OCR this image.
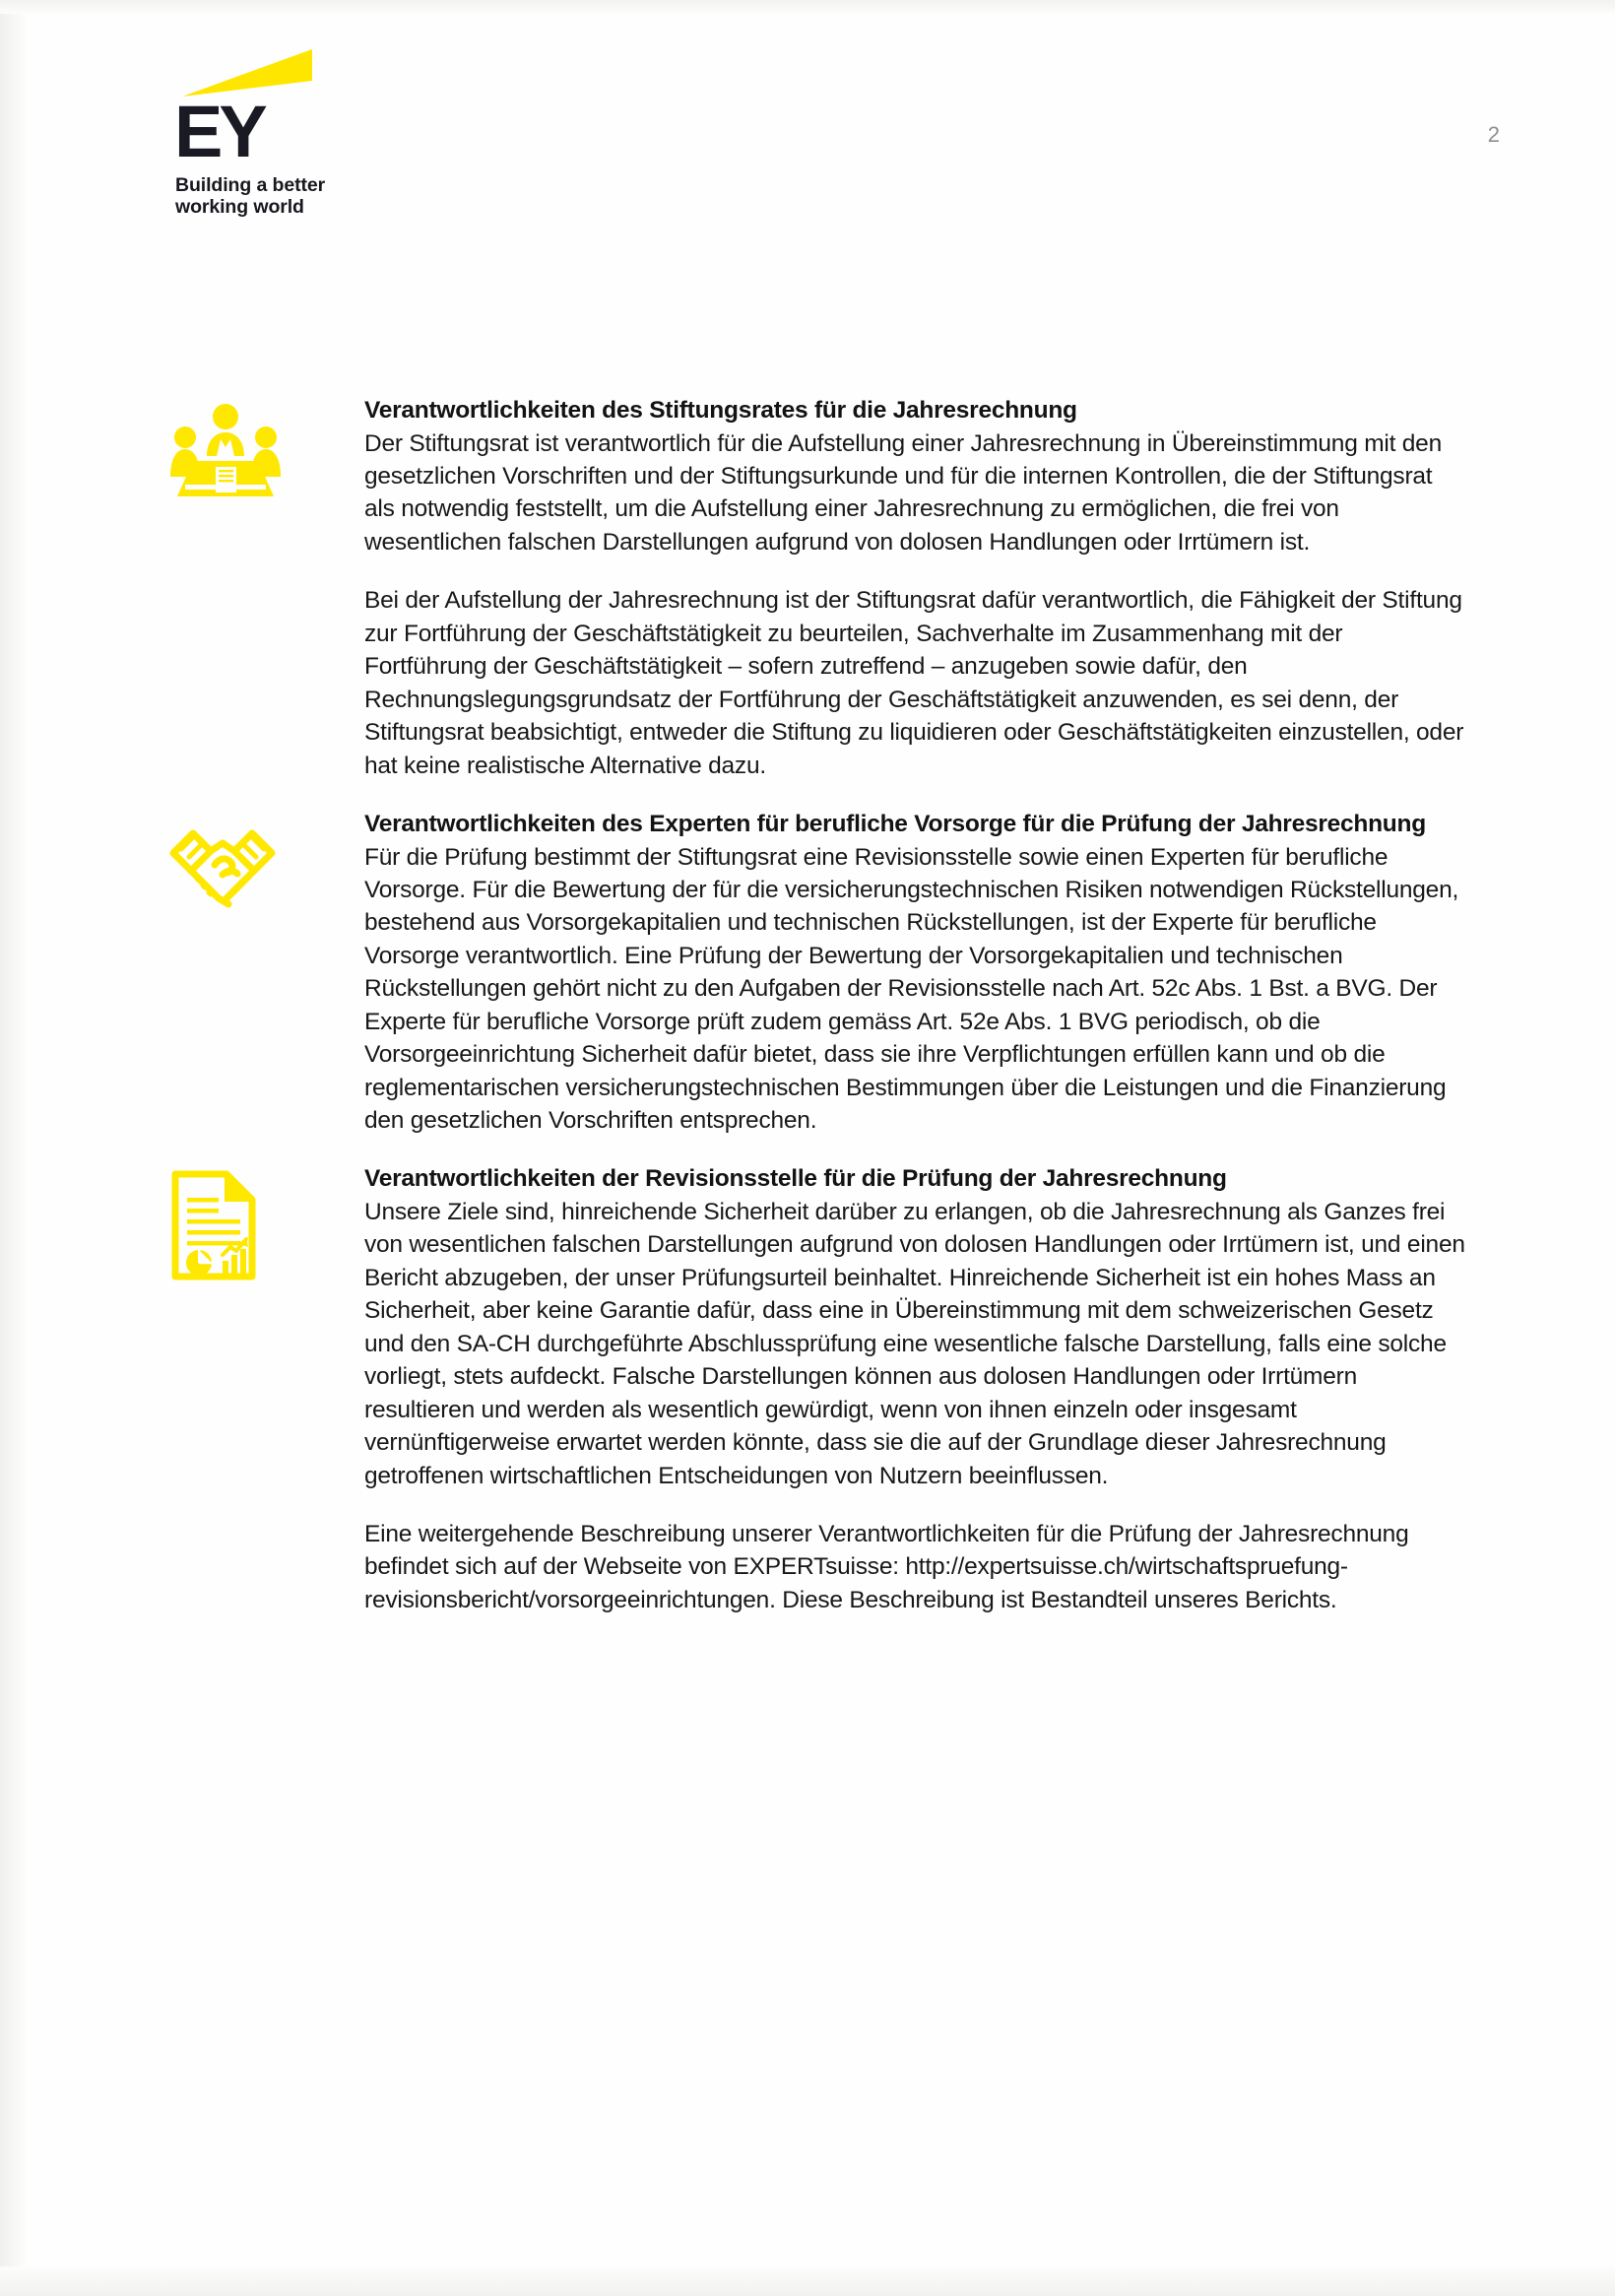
EY
Building a better
working world
2
Verantwortlichkeiten des Stiftungsrates für die Jahresrechnung

Der Stiftungsrat ist verantwortlich für die Aufstellung einer Jahresrechnung in Übereinstimmung mit den gesetzlichen Vorschriften und der Stiftungsurkunde und für die internen Kontrollen, die der Stiftungsrat als notwendig feststellt, um die Aufstellung einer Jahresrechnung zu ermöglichen, die frei von wesentlichen falschen Darstellungen aufgrund von dolosen Handlungen oder Irrtümern ist.

Bei der Aufstellung der Jahresrechnung ist der Stiftungsrat dafür verantwortlich, die Fähigkeit der Stiftung zur Fortführung der Geschäftstätigkeit zu beurteilen, Sachverhalte im Zusammenhang mit der Fortführung der Geschäftstätigkeit – sofern zutreffend – anzugeben sowie dafür, den Rechnungslegungsgrundsatz der Fortführung der Geschäftstätigkeit anzuwenden, es sei denn, der Stiftungsrat beabsichtigt, entweder die Stiftung zu liquidieren oder Geschäftstätigkeiten einzustellen, oder hat keine realistische Alternative dazu.

Verantwortlichkeiten des Experten für berufliche Vorsorge für die Prüfung der Jahresrechnung

Für die Prüfung bestimmt der Stiftungsrat eine Revisionsstelle sowie einen Experten für berufliche Vorsorge. Für die Bewertung der für die versicherungstechnischen Risiken notwendigen Rückstellungen, bestehend aus Vorsorgekapitalien und technischen Rückstellungen, ist der Experte für berufliche Vorsorge verantwortlich. Eine Prüfung der Bewertung der Vorsorgekapitalien und technischen Rückstellungen gehört nicht zu den Aufgaben der Revisionsstelle nach Art. 52c Abs. 1 Bst. a BVG. Der Experte für berufliche Vorsorge prüft zudem gemäss Art. 52e Abs. 1 BVG periodisch, ob die Vorsorgeeinrichtung Sicherheit dafür bietet, dass sie ihre Verpflichtungen erfüllen kann und ob die reglementarischen versicherungstechnischen Bestimmungen über die Leistungen und die Finanzierung den gesetzlichen Vorschriften entsprechen.

Verantwortlichkeiten der Revisionsstelle für die Prüfung der Jahresrechnung

Unsere Ziele sind, hinreichende Sicherheit darüber zu erlangen, ob die Jahresrechnung als Ganzes frei von wesentlichen falschen Darstellungen aufgrund von dolosen Handlungen oder Irrtümern ist, und einen Bericht abzugeben, der unser Prüfungsurteil beinhaltet. Hinreichende Sicherheit ist ein hohes Mass an Sicherheit, aber keine Garantie dafür, dass eine in Übereinstimmung mit dem schweizerischen Gesetz und den SA-CH durchgeführte Abschlussprüfung eine wesentliche falsche Darstellung, falls eine solche vorliegt, stets aufdeckt. Falsche Darstellungen können aus dolosen Handlungen oder Irrtümern resultieren und werden als wesentlich gewürdigt, wenn von ihnen einzeln oder insgesamt vernünftigerweise erwartet werden könnte, dass sie die auf der Grundlage dieser Jahresrechnung getroffenen wirtschaftlichen Entscheidungen von Nutzern beeinflussen.

Eine weitergehende Beschreibung unserer Verantwortlichkeiten für die Prüfung der Jahresrechnung befindet sich auf der Webseite von EXPERTsuisse: http://expertsuisse.ch/wirtschaftspruefung-revisionsbericht/vorsorgeeinrichtungen. Diese Beschreibung ist Bestandteil unseres Berichts.
